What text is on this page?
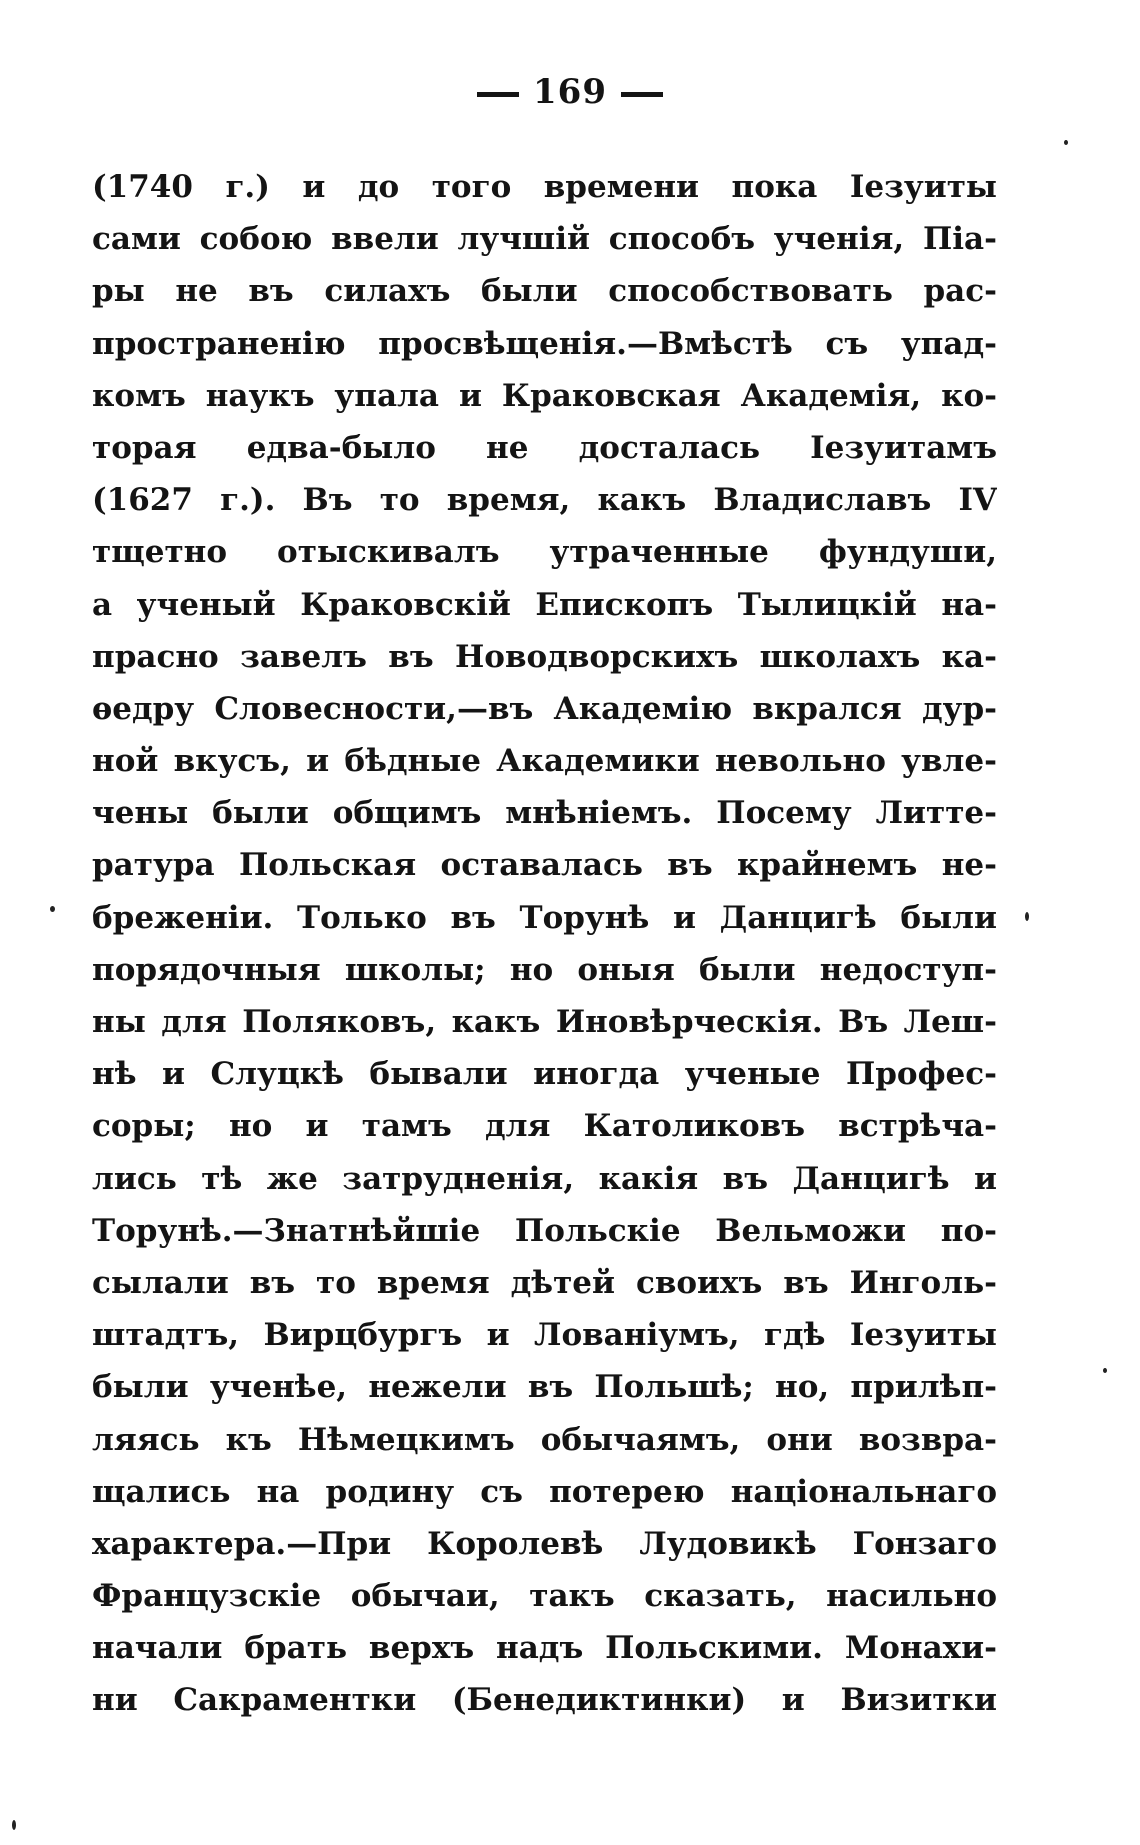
169
(1740 г.) и до того времени пока Іезуиты
сами собою ввели лучшій способъ ученія, Піа-
ры не въ силахъ были способствовать рас-
пространенію просвѣщенія.—Вмѣстѣ съ упад-
комъ наукъ упала и Краковская Академія, ко-
торая едва-было не досталась Іезуитамъ
(1627 г.). Въ то время, какъ Владиславъ IV
тщетно отыскивалъ утраченные фундуши,
а ученый Краковскій Епископъ Тылицкій на-
прасно завелъ въ Новодворскихъ школахъ ка-
ѳедру Словесности,—въ Академію вкрался дур-
ной вкусъ, и бѣдные Академики невольно увле-
чены были общимъ мнѣніемъ. Посему Литте-
ратура Польская оставалась въ крайнемъ не-
бреженіи. Только въ Торунѣ и Данцигѣ были
порядочныя школы; но оныя были недоступ-
ны для Поляковъ, какъ Иновѣрческія. Въ Леш-
нѣ и Слуцкѣ бывали иногда ученые Профес-
соры; но и тамъ для Католиковъ встрѣча-
лись тѣ же затрудненія, какія въ Данцигѣ и
Торунѣ.—Знатнѣйшіе Польскіе Вельможи по-
сылали въ то время дѣтей своихъ въ Инголь-
штадтъ, Вирцбургъ и Лованіумъ, гдѣ Іезуиты
были ученѣе, нежели въ Польшѣ; но, прилѣп-
ляясь къ Нѣмецкимъ обычаямъ, они возвра-
щались на родину съ потерею національнаго
характера.—При Королевѣ Лудовикѣ Гонзаго
Французскіе обычаи, такъ сказать, насильно
начали брать верхъ надъ Польскими. Монахи-
ни Сакраментки (Бенедиктинки) и Визитки
